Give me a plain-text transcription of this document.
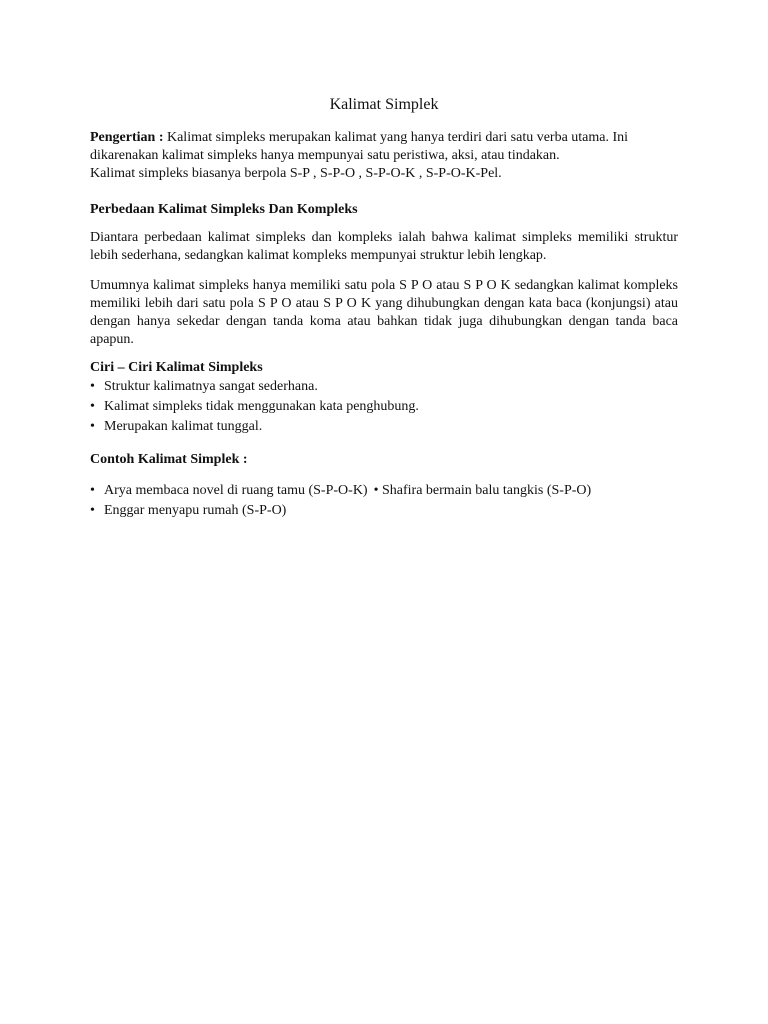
Kalimat Simplek

Pengertian : Kalimat simpleks merupakan kalimat yang hanya terdiri dari satu verba utama. Ini

dikarenakan kalimat simpleks hanya mempunyai satu peristiwa, aksi, atau tindakan.

Kalimat simpleks biasanya berpola S-P , S-P-O , S-P-O-K , S-P-O-K-Pel.

Perbedaan Kalimat Simpleks Dan Kompleks

Diantara perbedaan kalimat simpleks dan kompleks ialah bahwa kalimat simpleks memiliki struktur lebih sederhana, sedangkan kalimat kompleks mempunyai struktur lebih lengkap.

Umumnya kalimat simpleks hanya memiliki satu pola S P O atau S P O K sedangkan kalimat kompleks memiliki lebih dari satu pola S P O atau S P O K yang dihubungkan dengan kata baca (konjungsi) atau dengan hanya sekedar dengan tanda koma atau bahkan tidak juga dihubungkan dengan tanda baca apapun.

Ciri – Ciri Kalimat Simpleks

• Struktur kalimatnya sangat sederhana.
• Kalimat simpleks tidak menggunakan kata penghubung.
• Merupakan kalimat tunggal.

Contoh Kalimat Simplek :

• Arya membaca novel di ruang tamu (S-P-O-K) • Shafira bermain balu tangkis (S-P-O)
• Enggar menyapu rumah (S-P-O)
